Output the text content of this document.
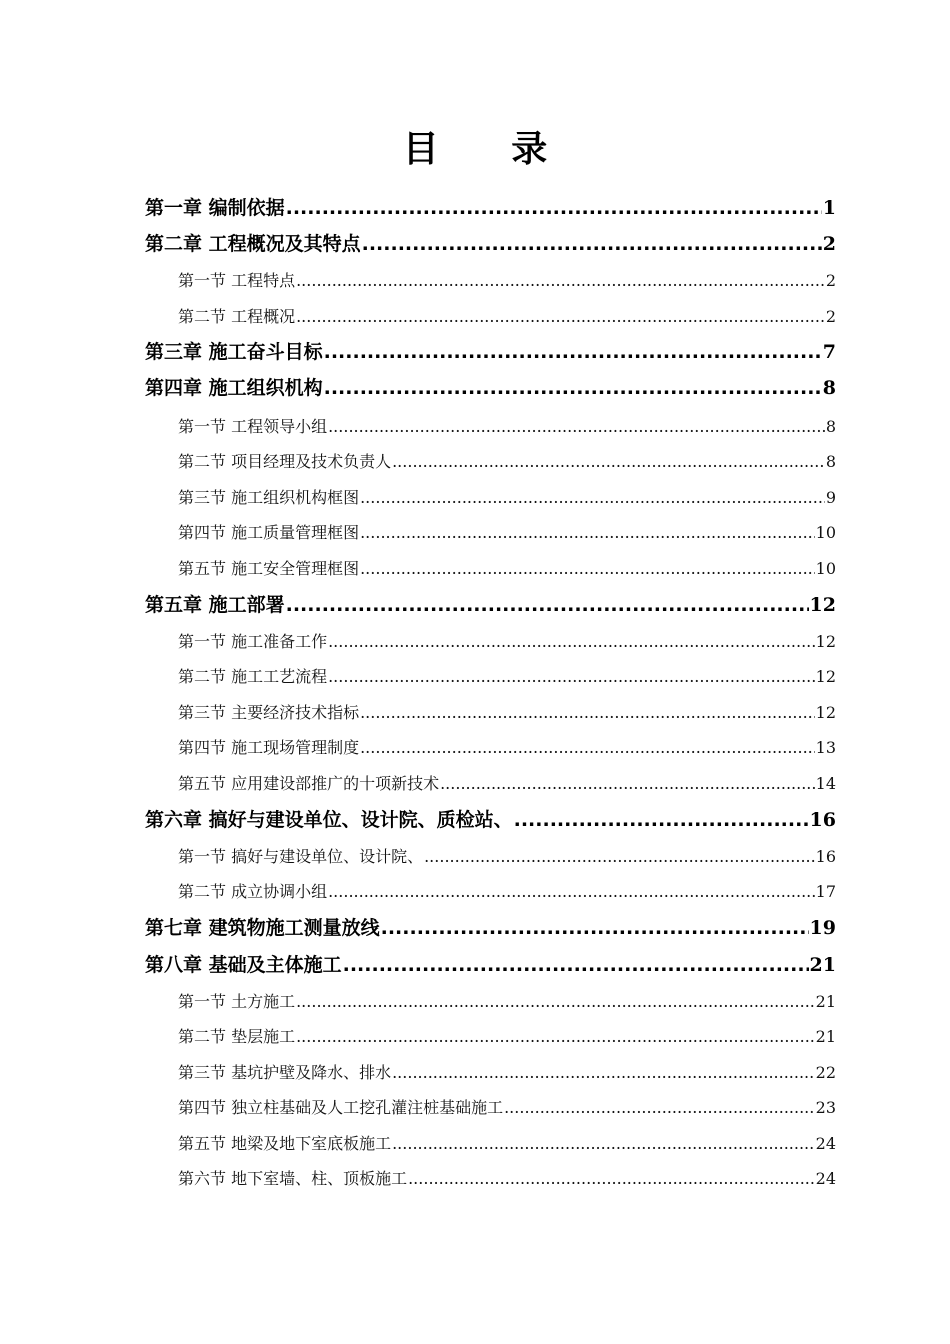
目 录
第一章 编制依据 .....	1
第二章 工程概况及其特点 .....	2
第一节 工程特点 .....	2
第二节 工程概况 .....	2
第三章 施工奋斗目标 .....	7
第四章 施工组织机构 .....	8
第一节 工程领导小组 .....	8
第二节 项目经理及技术负责人 .....	8
第三节 施工组织机构框图 .....	9
第四节 施工质量管理框图 .....	10
第五节 施工安全管理框图 .....	10
第五章 施工部署 .....	12
第一节 施工准备工作 .....	12
第二节 施工工艺流程 .....	12
第三节 主要经济技术指标 .....	12
第四节 施工现场管理制度 .....	13
第五节 应用建设部推广的十项新技术 .....	14
第六章 搞好与建设单位、设计院、质检站、 .....	16
第一节 搞好与建设单位、设计院、 .....	16
第二节 成立协调小组 .....	17
第七章 建筑物施工测量放线 .....	19
第八章 基础及主体施工 .....	21
第一节 土方施工 .....	21
第二节 垫层施工 .....	21
第三节 基坑护壁及降水、排水 .....	22
第四节 独立柱基础及人工挖孔灌注桩基础施工 .....	23
第五节 地梁及地下室底板施工 .....	24
第六节 地下室墙、柱、顶板施工 .....	24
